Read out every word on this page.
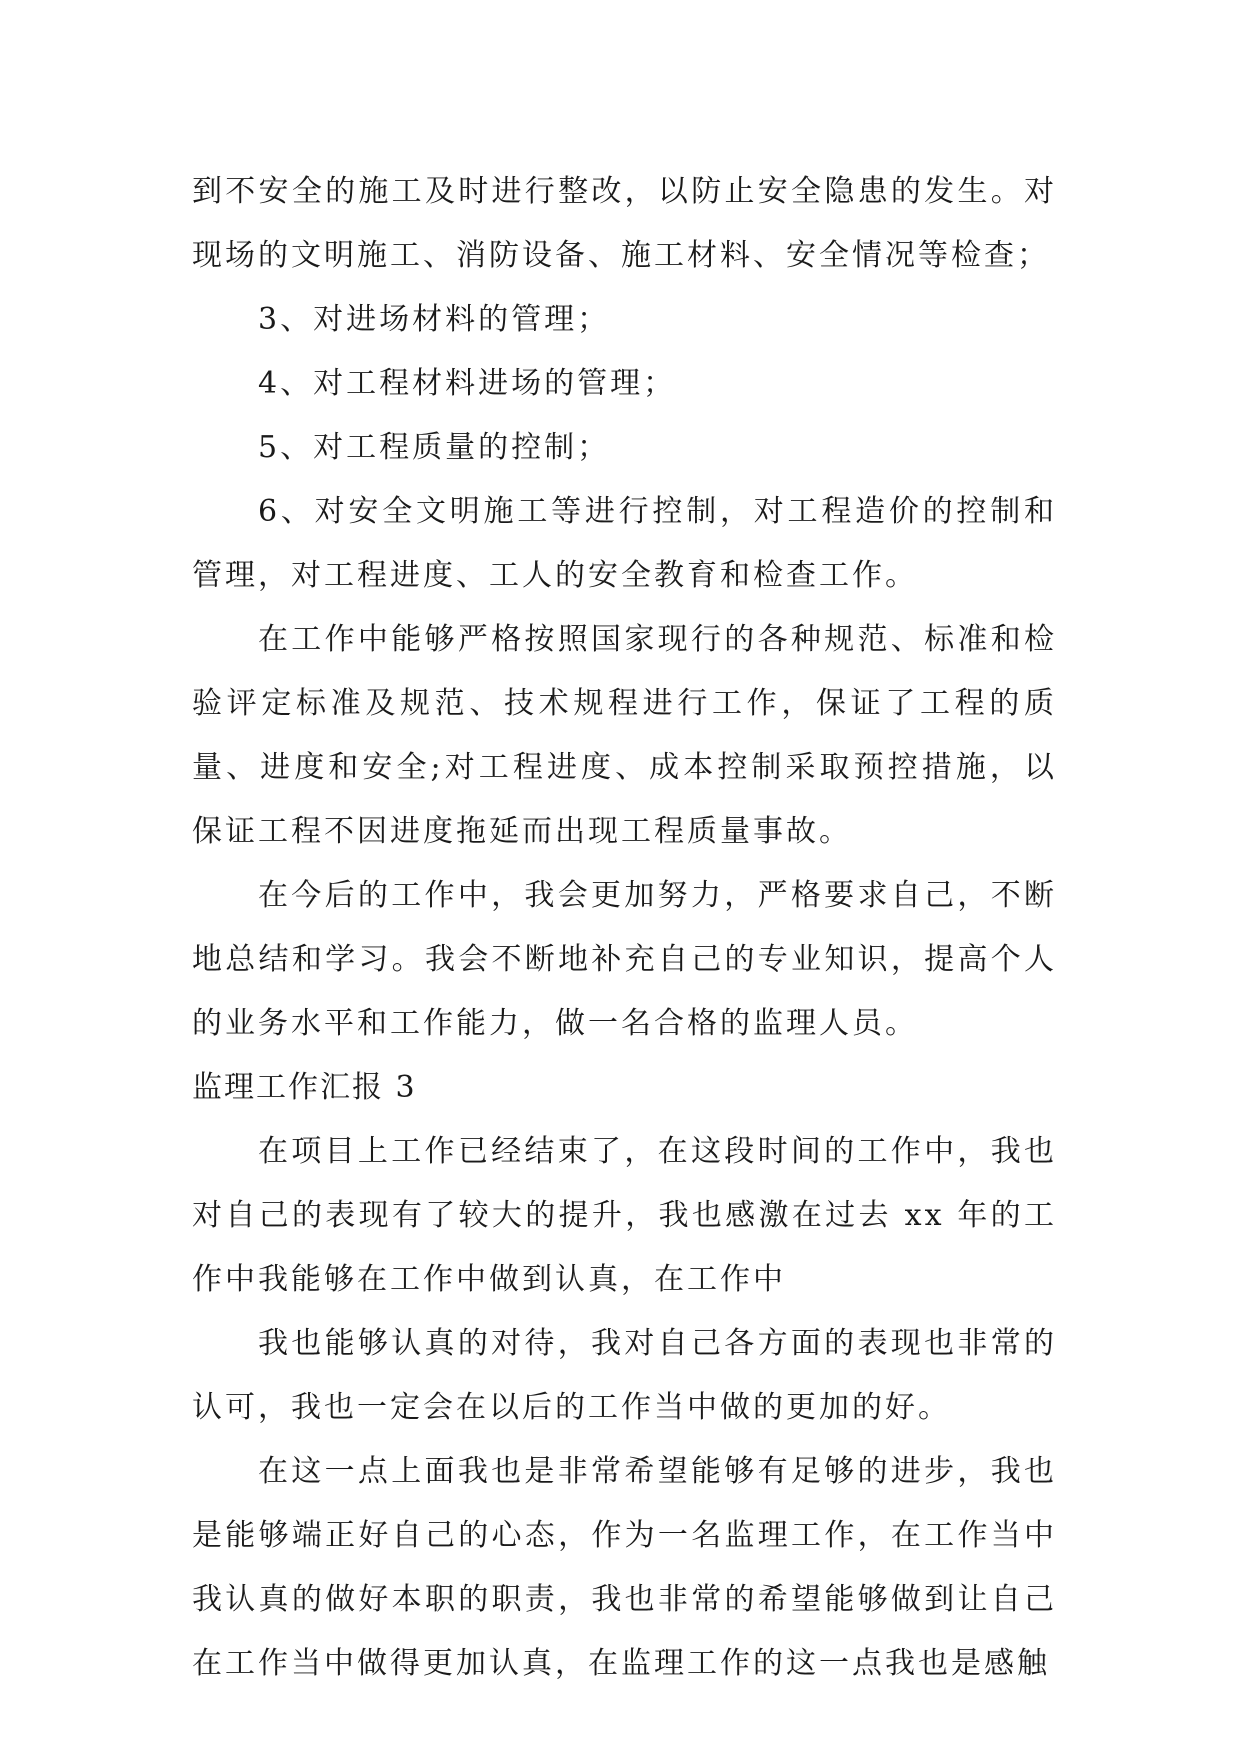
到不安全的施工及时进行整改，以防止安全隐患的发生。对现场的文明施工、消防设备、施工材料、安全情况等检查；

3、对进场材料的管理；

4、对工程材料进场的管理；

5、对工程质量的控制；

6、对安全文明施工等进行控制，对工程造价的控制和管理，对工程进度、工人的安全教育和检查工作。

在工作中能够严格按照国家现行的各种规范、标准和检验评定标准及规范、技术规程进行工作，保证了工程的质量、进度和安全;对工程进度、成本控制采取预控措施，以保证工程不因进度拖延而出现工程质量事故。

在今后的工作中，我会更加努力，严格要求自己，不断地总结和学习。我会不断地补充自己的专业知识，提高个人的业务水平和工作能力，做一名合格的监理人员。

监理工作汇报 3

在项目上工作已经结束了，在这段时间的工作中，我也对自己的表现有了较大的提升，我也感激在过去 xx 年的工作中我能够在工作中做到认真，在工作中

我也能够认真的对待，我对自己各方面的表现也非常的认可，我也一定会在以后的工作当中做的更加的好。

在这一点上面我也是非常希望能够有足够的进步，我也是能够端正好自己的心态，作为一名监理工作，在工作当中我认真的做好本职的职责，我也非常的希望能够做到让自己在工作当中做得更加认真，在监理工作的这一点我也是感触
